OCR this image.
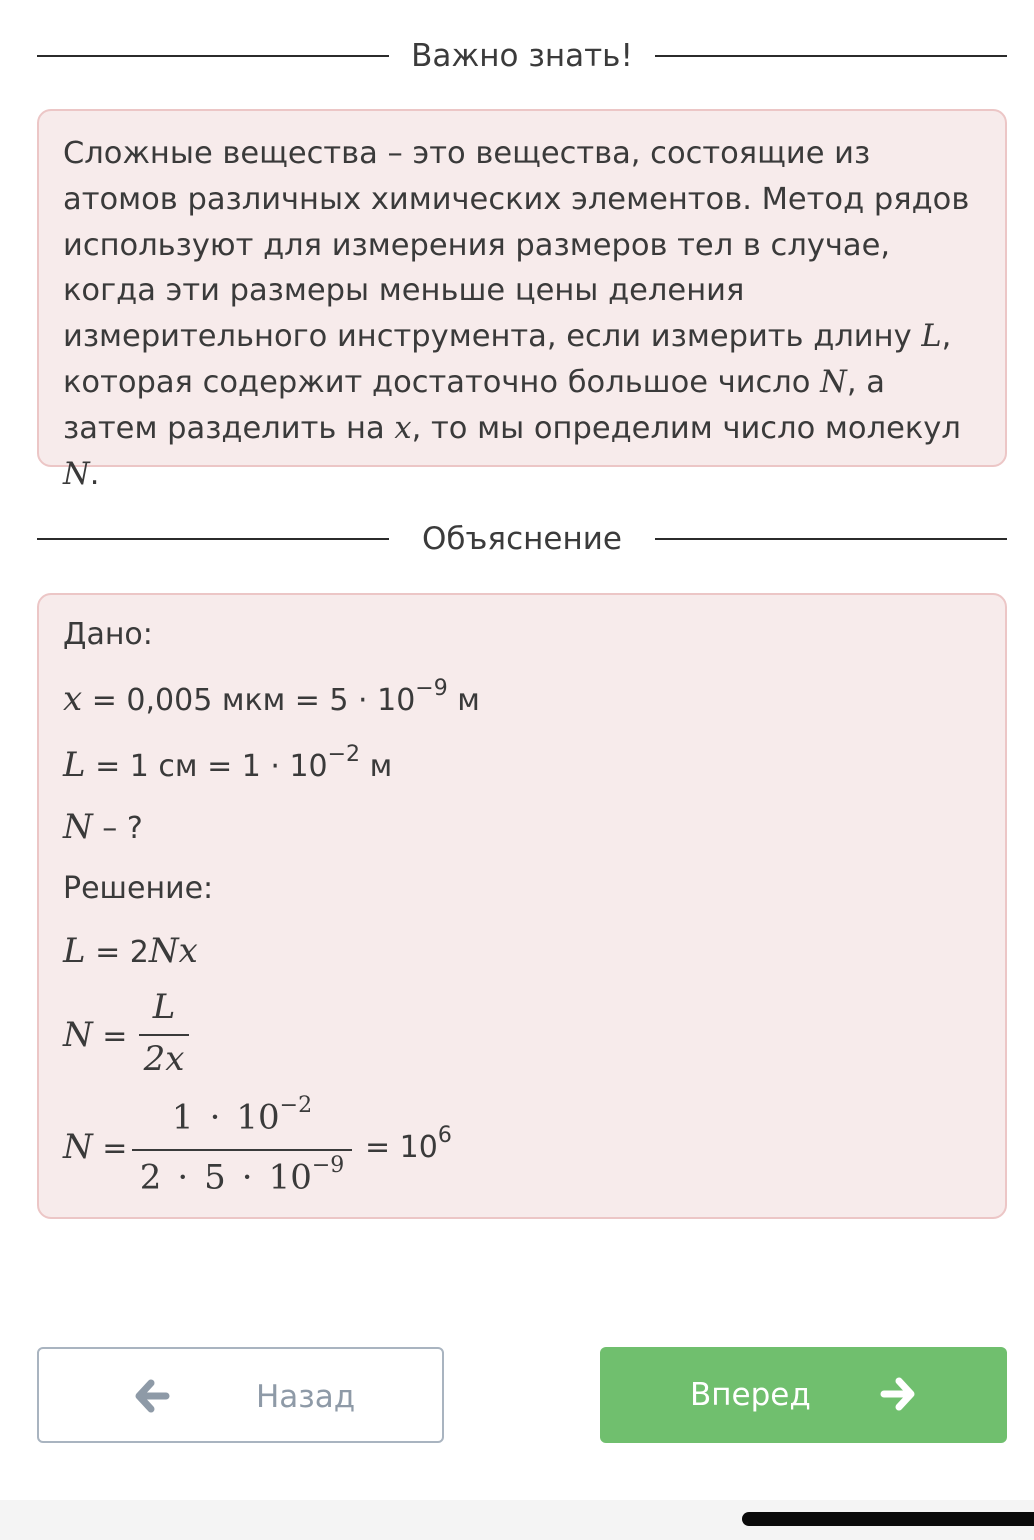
Важно знать!

Сложные вещества – это вещества, состоящие из атомов различных химических элементов. Метод рядов используют для измерения размеров тел в случае, когда эти размеры меньше цены деления измерительного инструмента, если измерить длину L, которая содержит достаточно большое число N, а затем разделить на x, то мы определим число молекул N.

Объяснение
Дано:
x = 0,005 мкм = $5 \cdot 10^{-9}$ м
L = 1 см = $1 \cdot 10^{-2}$ м
N – ?
Решение:
L = 2Nx
N =
L
2x
N =
$1 \cdot 10^{-2}$
$2 \cdot 5 \cdot 10^{-9}$
= $10^6$
Назад	Вперед
